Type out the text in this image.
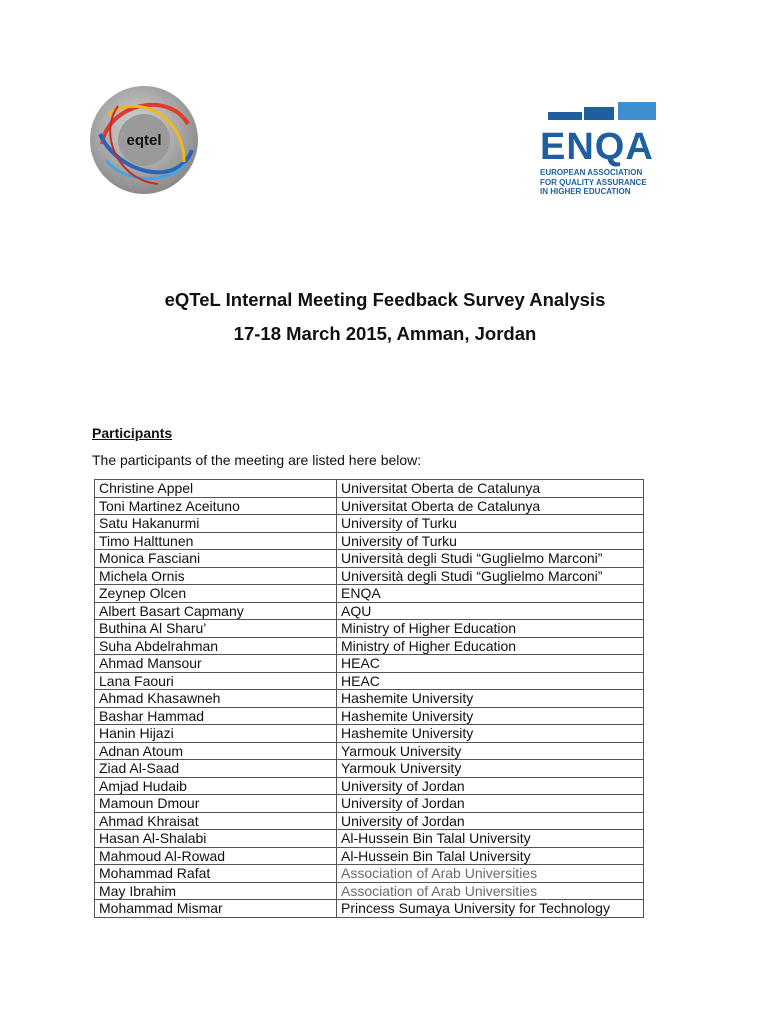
eqtel	ENQA
EUROPEAN ASSOCIATION
FOR QUALITY ASSURANCE
IN HIGHER EDUCATION
eQTeL Internal Meeting Feedback Survey Analysis
17-18 March 2015, Amman, Jordan
Participants
The participants of the meeting are listed here below:
Christine Appel	Universitat Oberta de Catalunya
Toni Martinez Aceituno	Universitat Oberta de Catalunya
Satu Hakanurmi	University of Turku
Timo Halttunen	University of Turku
Monica Fasciani	Università degli Studi “Guglielmo Marconi”
Michela Ornis	Università degli Studi “Guglielmo Marconi”
Zeynep Olcen	ENQA
Albert Basart Capmany	AQU
Buthina Al Sharu’	Ministry of Higher Education
Suha Abdelrahman	Ministry of Higher Education
Ahmad Mansour	HEAC
Lana Faouri	HEAC
Ahmad Khasawneh	Hashemite University
Bashar Hammad	Hashemite University
Hanin Hijazi	Hashemite University
Adnan Atoum	Yarmouk University
Ziad Al-Saad	Yarmouk University
Amjad Hudaib	University of Jordan
Mamoun Dmour	University of Jordan
Ahmad Khraisat	University of Jordan
Hasan Al-Shalabi	Al-Hussein Bin Talal University
Mahmoud Al-Rowad	Al-Hussein Bin Talal University
Mohammad Rafat	Association of Arab Universities
May Ibrahim	Association of Arab Universities
Mohammad Mismar	Princess Sumaya University for Technology
